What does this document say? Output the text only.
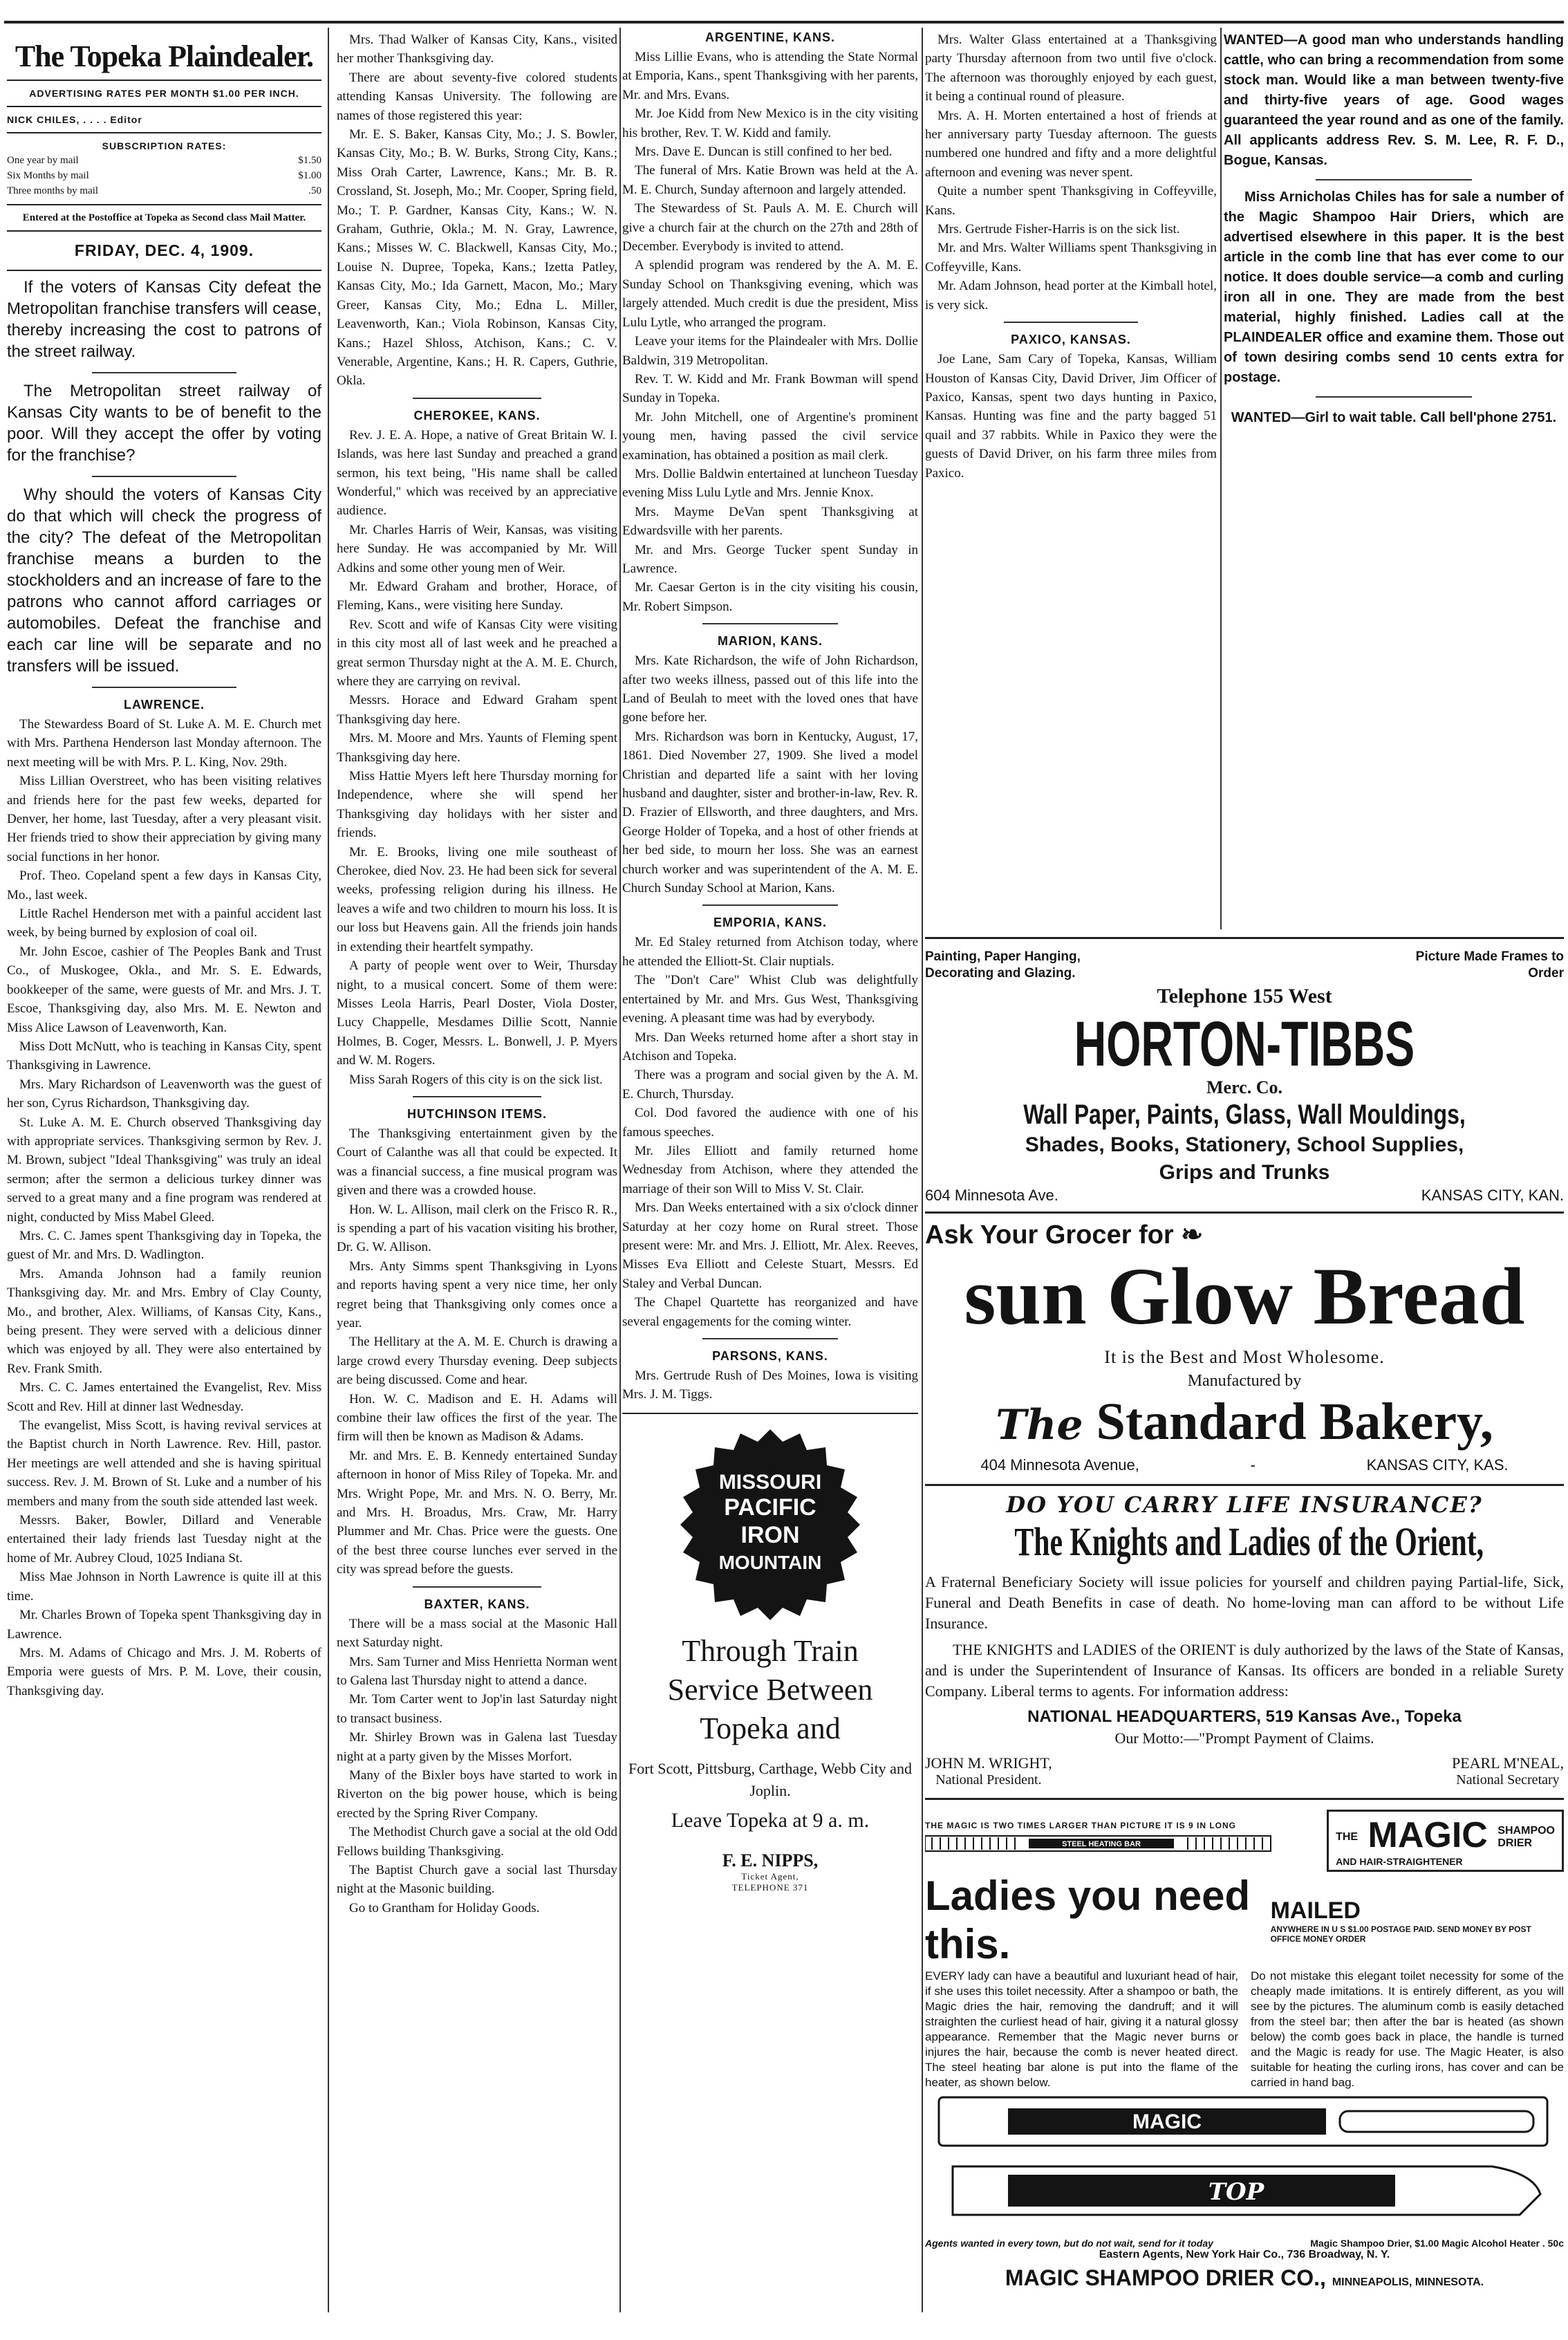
The Topeka Plaindealer.
ADVERTISING RATES PER MONTH $1.00 PER INCH.
NICK CHILES, . . . . Editor
SUBSCRIPTION RATES:
One year by mail	$1.50
Six Months by mail	$1.00
Three months by mail	.50
Entered at the Postoffice at Topeka as Second class Mail Matter.
FRIDAY, DEC. 4, 1909.

If the voters of Kansas City defeat the Metropolitan franchise transfers will cease, thereby increasing the cost to patrons of the street railway.

The Metropolitan street railway of Kansas City wants to be of benefit to the poor. Will they accept the offer by voting for the franchise?

Why should the voters of Kansas City do that which will check the progress of the city? The defeat of the Metropolitan franchise means a burden to the stockholders and an increase of fare to the patrons who cannot afford carriages or automobiles. Defeat the franchise and each car line will be separate and no transfers will be issued.

LAWRENCE.

The Stewardess Board of St. Luke A. M. E. Church met with Mrs. Parthena Henderson last Monday afternoon. The next meeting will be with Mrs. P. L. King, Nov. 29th.

Miss Lillian Overstreet, who has been visiting relatives and friends here for the past few weeks, departed for Denver, her home, last Tuesday, after a very pleasant visit. Her friends tried to show their appreciation by giving many social functions in her honor.

Prof. Theo. Copeland spent a few days in Kansas City, Mo., last week.

Little Rachel Henderson met with a painful accident last week, by being burned by explosion of coal oil.

Mr. John Escoe, cashier of The Peoples Bank and Trust Co., of Muskogee, Okla., and Mr. S. E. Edwards, bookkeeper of the same, were guests of Mr. and Mrs. J. T. Escoe, Thanksgiving day, also Mrs. M. E. Newton and Miss Alice Lawson of Leavenworth, Kan.

Miss Dott McNutt, who is teaching in Kansas City, spent Thanksgiving in Lawrence.

Mrs. Mary Richardson of Leavenworth was the guest of her son, Cyrus Richardson, Thanksgiving day.

St. Luke A. M. E. Church observed Thanksgiving day with appropriate services. Thanksgiving sermon by Rev. J. M. Brown, subject "Ideal Thanksgiving" was truly an ideal sermon; after the sermon a delicious turkey dinner was served to a great many and a fine program was rendered at night, conducted by Miss Mabel Gleed.

Mrs. C. C. James spent Thanksgiving day in Topeka, the guest of Mr. and Mrs. D. Wadlington.

Mrs. Amanda Johnson had a family reunion Thanksgiving day. Mr. and Mrs. Embry of Clay County, Mo., and brother, Alex. Williams, of Kansas City, Kans., being present. They were served with a delicious dinner which was enjoyed by all. They were also entertained by Rev. Frank Smith.

Mrs. C. C. James entertained the Evangelist, Rev. Miss Scott and Rev. Hill at dinner last Wednesday.

The evangelist, Miss Scott, is having revival services at the Baptist church in North Lawrence. Rev. Hill, pastor. Her meetings are well attended and she is having spiritual success. Rev. J. M. Brown of St. Luke and a number of his members and many from the south side attended last week.

Messrs. Baker, Bowler, Dillard and Venerable entertained their lady friends last Tuesday night at the home of Mr. Aubrey Cloud, 1025 Indiana St.

Miss Mae Johnson in North Lawrence is quite ill at this time.

Mr. Charles Brown of Topeka spent Thanksgiving day in Lawrence.

Mrs. M. Adams of Chicago and Mrs. J. M. Roberts of Emporia were guests of Mrs. P. M. Love, their cousin, Thanksgiving day.

Mrs. Thad Walker of Kansas City, Kans., visited her mother Thanksgiving day.

There are about seventy-five colored students attending Kansas University. The following are names of those registered this year:

Mr. E. S. Baker, Kansas City, Mo.; J. S. Bowler, Kansas City, Mo.; B. W. Burks, Strong City, Kans.; Miss Orah Carter, Lawrence, Kans.; Mr. B. R. Crossland, St. Joseph, Mo.; Mr. Cooper, Spring field, Mo.; T. P. Gardner, Kansas City, Kans.; W. N. Graham, Guthrie, Okla.; M. N. Gray, Lawrence, Kans.; Misses W. C. Blackwell, Kansas City, Mo.; Louise N. Dupree, Topeka, Kans.; Izetta Patley, Kansas City, Mo.; Ida Garnett, Macon, Mo.; Mary Greer, Kansas City, Mo.; Edna L. Miller, Leavenworth, Kan.; Viola Robinson, Kansas City, Kans.; Hazel Shloss, Atchison, Kans.; C. V. Venerable, Argentine, Kans.; H. R. Capers, Guthrie, Okla.

CHEROKEE, KANS.

Rev. J. E. A. Hope, a native of Great Britain W. I. Islands, was here last Sunday and preached a grand sermon, his text being, "His name shall be called Wonderful," which was received by an appreciative audience.

Mr. Charles Harris of Weir, Kansas, was visiting here Sunday. He was accompanied by Mr. Will Adkins and some other young men of Weir.

Mr. Edward Graham and brother, Horace, of Fleming, Kans., were visiting here Sunday.

Rev. Scott and wife of Kansas City were visiting in this city most all of last week and he preached a great sermon Thursday night at the A. M. E. Church, where they are carrying on revival.

Messrs. Horace and Edward Graham spent Thanksgiving day here.

Mrs. M. Moore and Mrs. Yaunts of Fleming spent Thanksgiving day here.

Miss Hattie Myers left here Thursday morning for Independence, where she will spend her Thanksgiving day holidays with her sister and friends.

Mr. E. Brooks, living one mile southeast of Cherokee, died Nov. 23. He had been sick for several weeks, professing religion during his illness. He leaves a wife and two children to mourn his loss. It is our loss but Heavens gain. All the friends join hands in extending their heartfelt sympathy.

A party of people went over to Weir, Thursday night, to a musical concert. Some of them were: Misses Leola Harris, Pearl Doster, Viola Doster, Lucy Chappelle, Mesdames Dillie Scott, Nannie Holmes, B. Coger, Messrs. L. Bonwell, J. P. Myers and W. M. Rogers.

Miss Sarah Rogers of this city is on the sick list.

HUTCHINSON ITEMS.

The Thanksgiving entertainment given by the Court of Calanthe was all that could be expected. It was a financial success, a fine musical program was given and there was a crowded house.

Hon. W. L. Allison, mail clerk on the Frisco R. R., is spending a part of his vacation visiting his brother, Dr. G. W. Allison.

Mrs. Anty Simms spent Thanksgiving in Lyons and reports having spent a very nice time, her only regret being that Thanksgiving only comes once a year.

The Hellitary at the A. M. E. Church is drawing a large crowd every Thursday evening. Deep subjects are being discussed. Come and hear.

Hon. W. C. Madison and E. H. Adams will combine their law offices the first of the year. The firm will then be known as Madison & Adams.

Mr. and Mrs. E. B. Kennedy entertained Sunday afternoon in honor of Miss Riley of Topeka. Mr. and Mrs. Wright Pope, Mr. and Mrs. N. O. Berry, Mr. and Mrs. H. Broadus, Mrs. Craw, Mr. Harry Plummer and Mr. Chas. Price were the guests. One of the best three course lunches ever served in the city was spread before the guests.

BAXTER, KANS.

There will be a mass social at the Masonic Hall next Saturday night.

Mrs. Sam Turner and Miss Henrietta Norman went to Galena last Thursday night to attend a dance.

Mr. Tom Carter went to Jop'in last Saturday night to transact business.

Mr. Shirley Brown was in Galena last Tuesday night at a party given by the Misses Morfort.

Many of the Bixler boys have started to work in Riverton on the big power house, which is being erected by the Spring River Company.

The Methodist Church gave a social at the old Odd Fellows building Thanksgiving.

The Baptist Church gave a social last Thursday night at the Masonic building.

Go to Grantham for Holiday Goods.

ARGENTINE, KANS.

Miss Lillie Evans, who is attending the State Normal at Emporia, Kans., spent Thanksgiving with her parents, Mr. and Mrs. Evans.

Mr. Joe Kidd from New Mexico is in the city visiting his brother, Rev. T. W. Kidd and family.

Mrs. Dave E. Duncan is still confined to her bed.

The funeral of Mrs. Katie Brown was held at the A. M. E. Church, Sunday afternoon and largely attended.

The Stewardess of St. Pauls A. M. E. Church will give a church fair at the church on the 27th and 28th of December. Everybody is invited to attend.

A splendid program was rendered by the A. M. E. Sunday School on Thanksgiving evening, which was largely attended. Much credit is due the president, Miss Lulu Lytle, who arranged the program.

Leave your items for the Plaindealer with Mrs. Dollie Baldwin, 319 Metropolitan.

Rev. T. W. Kidd and Mr. Frank Bowman will spend Sunday in Topeka.

Mr. John Mitchell, one of Argentine's prominent young men, having passed the civil service examination, has obtained a position as mail clerk.

Mrs. Dollie Baldwin entertained at luncheon Tuesday evening Miss Lulu Lytle and Mrs. Jennie Knox.

Mrs. Mayme DeVan spent Thanksgiving at Edwardsville with her parents.

Mr. and Mrs. George Tucker spent Sunday in Lawrence.

Mr. Caesar Gerton is in the city visiting his cousin, Mr. Robert Simpson.

MARION, KANS.

Mrs. Kate Richardson, the wife of John Richardson, after two weeks illness, passed out of this life into the Land of Beulah to meet with the loved ones that have gone before her.

Mrs. Richardson was born in Kentucky, August, 17, 1861. Died November 27, 1909. She lived a model Christian and departed life a saint with her loving husband and daughter, sister and brother-in-law, Rev. R. D. Frazier of Ellsworth, and three daughters, and Mrs. George Holder of Topeka, and a host of other friends at her bed side, to mourn her loss. She was an earnest church worker and was superintendent of the A. M. E. Church Sunday School at Marion, Kans.

EMPORIA, KANS.

Mr. Ed Staley returned from Atchison today, where he attended the Elliott-St. Clair nuptials.

The "Don't Care" Whist Club was delightfully entertained by Mr. and Mrs. Gus West, Thanksgiving evening. A pleasant time was had by everybody.

Mrs. Dan Weeks returned home after a short stay in Atchison and Topeka.

There was a program and social given by the A. M. E. Church, Thursday.

Col. Dod favored the audience with one of his famous speeches.

Mr. Jiles Elliott and family returned home Wednesday from Atchison, where they attended the marriage of their son Will to Miss V. St. Clair.

Mrs. Dan Weeks entertained with a six o'clock dinner Saturday at her cozy home on Rural street. Those present were: Mr. and Mrs. J. Elliott, Mr. Alex. Reeves, Misses Eva Elliott and Celeste Stuart, Messrs. Ed Staley and Verbal Duncan.

The Chapel Quartette has reorganized and have several engagements for the coming winter.

PARSONS, KANS.

Mrs. Gertrude Rush of Des Moines, Iowa is visiting Mrs. J. M. Tiggs.

MISSOURI
PACIFIC
IRON
MOUNTAIN
Through Train
Service Between
Topeka and
Fort Scott, Pittsburg, Carthage, Webb City and Joplin.
Leave Topeka at 9 a. m.
F. E. NIPPS,
Ticket Agent,
TELEPHONE 371

Mrs. Walter Glass entertained at a Thanksgiving party Thursday afternoon from two until five o'clock. The afternoon was thoroughly enjoyed by each guest, it being a continual round of pleasure.

Mrs. A. H. Morten entertained a host of friends at her anniversary party Tuesday afternoon. The guests numbered one hundred and fifty and a more delightful afternoon and evening was never spent.

Quite a number spent Thanksgiving in Coffeyville, Kans.

Mrs. Gertrude Fisher-Harris is on the sick list.

Mr. and Mrs. Walter Williams spent Thanksgiving in Coffeyville, Kans.

Mr. Adam Johnson, head porter at the Kimball hotel, is very sick.

PAXICO, KANSAS.

Joe Lane, Sam Cary of Topeka, Kansas, William Houston of Kansas City, David Driver, Jim Officer of Paxico, Kansas, spent two days hunting in Paxico, Kansas. Hunting was fine and the party bagged 51 quail and 37 rabbits. While in Paxico they were the guests of David Driver, on his farm three miles from Paxico.

WANTED—A good man who understands handling cattle, who can bring a recommendation from some stock man. Would like a man between twenty-five and thirty-five years of age. Good wages guaranteed the year round and as one of the family. All applicants address Rev. S. M. Lee, R. F. D., Bogue, Kansas.

Miss Arnicholas Chiles has for sale a number of the Magic Shampoo Hair Driers, which are advertised elsewhere in this paper. It is the best article in the comb line that has ever come to our notice. It does double service—a comb and curling iron all in one. They are made from the best material, highly finished. Ladies call at the PLAINDEALER office and examine them. Those out of town desiring combs send 10 cents extra for postage.

WANTED—Girl to wait table. Call bell'phone 2751.
Painting, Paper Hanging, Decorating and Glazing.
Picture Made Frames to Order
Telephone 155 West
HORTON-TIBBS
Merc. Co.
Wall Paper, Paints, Glass, Wall Mouldings,
Shades, Books, Stationery, School Supplies,
Grips and Trunks
604 Minnesota Ave.	KANSAS CITY, KAN.
Ask Your Grocer for ❧
sun Glow Bread
It is the Best and Most Wholesome.
Manufactured by
The Standard Bakery,
404 Minnesota Avenue,	-	KANSAS CITY, KAS.
DO YOU CARRY LIFE INSURANCE?
The Knights and Ladies of the Orient,
A Fraternal Beneficiary Society will issue policies for yourself and children paying Partial-life, Sick, Funeral and Death Benefits in case of death. No home-loving man can afford to be without Life Insurance.
THE KNIGHTS and LADIES of the ORIENT is duly authorized by the laws of the State of Kansas, and is under the Superintendent of Insurance of Kansas. Its officers are bonded in a reliable Surety Company. Liberal terms to agents. For information address:
NATIONAL HEADQUARTERS, 519 Kansas Ave., Topeka
Our Motto:—"Prompt Payment of Claims.
JOHN M. WRIGHT,
National President.
PEARL M'NEAL,
National Secretary
THE MAGIC IS TWO TIMES LARGER THAN PICTURE IT IS 9 IN LONG
STEEL HEATING BAR
THE MAGIC SHAMPOO
DRIER
AND HAIR-STRAIGHTENER
Ladies you need this.
MAILED
ANYWHERE IN U S $1.00 POSTAGE PAID. SEND MONEY BY POST OFFICE MONEY ORDER

EVERY lady can have a beautiful and luxuriant head of hair, if she uses this toilet necessity. After a shampoo or bath, the Magic dries the hair, removing the dandruff; and it will straighten the curliest head of hair, giving it a natural glossy appearance. Remember that the Magic never burns or injures the hair, because the comb is never heated direct. The steel heating bar alone is put into the flame of the heater, as shown below.

Do not mistake this elegant toilet necessity for some of the cheaply made imitations. It is entirely different, as you will see by the pictures. The aluminum comb is easily detached from the steel bar; then after the bar is heated (as shown below) the comb goes back in place, the handle is turned and the Magic is ready for use. The Magic Heater, is also suitable for heating the curling irons, has cover and can be carried in hand bag.

MAGIC
TOP
Agents wanted in every town, but do not wait, send for it today	Magic Shampoo Drier, $1.00 Magic Alcohol Heater . 50c
Eastern Agents, New York Hair Co., 736 Broadway, N. Y.
MAGIC SHAMPOO DRIER CO., MINNEAPOLIS, MINNESOTA.
